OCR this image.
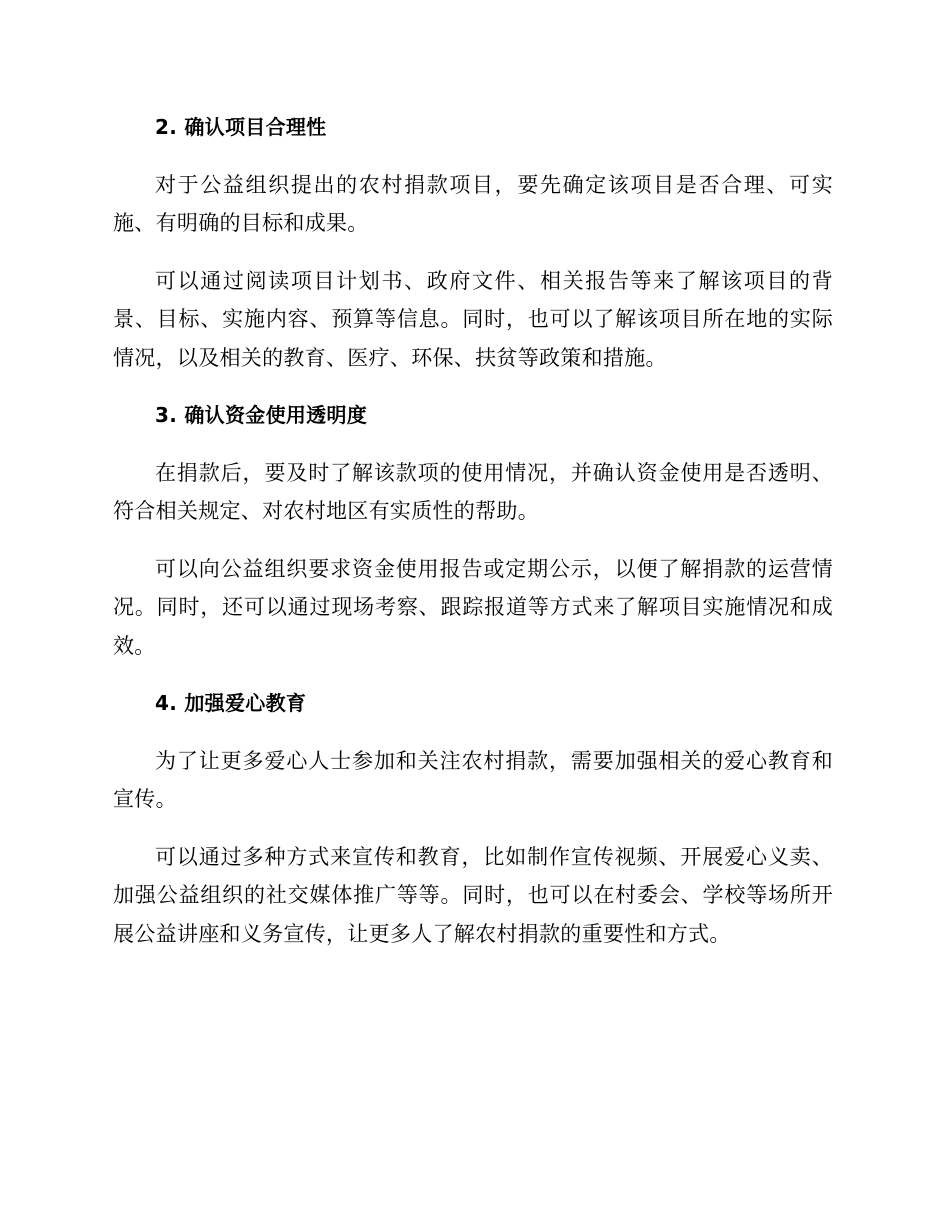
2. 确认项目合理性

对于公益组织提出的农村捐款项目，要先确定该项目是否合理、可实施、有明确的目标和成果。

可以通过阅读项目计划书、政府文件、相关报告等来了解该项目的背景、目标、实施内容、预算等信息。同时，也可以了解该项目所在地的实际情况，以及相关的教育、医疗、环保、扶贫等政策和措施。

3. 确认资金使用透明度

在捐款后，要及时了解该款项的使用情况，并确认资金使用是否透明、符合相关规定、对农村地区有实质性的帮助。

可以向公益组织要求资金使用报告或定期公示，以便了解捐款的运营情况。同时，还可以通过现场考察、跟踪报道等方式来了解项目实施情况和成效。

4. 加强爱心教育

为了让更多爱心人士参加和关注农村捐款，需要加强相关的爱心教育和宣传。

可以通过多种方式来宣传和教育，比如制作宣传视频、开展爱心义卖、加强公益组织的社交媒体推广等等。同时，也可以在村委会、学校等场所开展公益讲座和义务宣传，让更多人了解农村捐款的重要性和方式。
